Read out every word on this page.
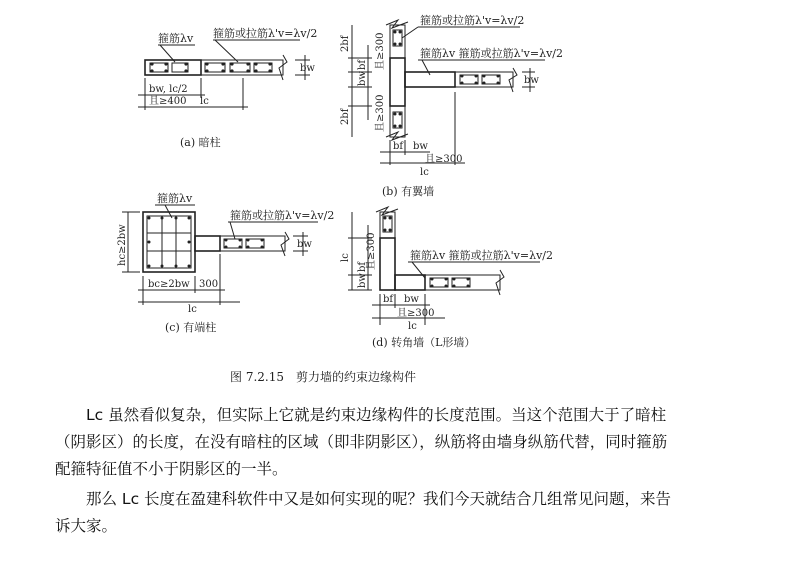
箍筋λv 箍筋或拉筋λ'v=λv/2
bw
bw, lc/2
且≥400 lc
(a) 暗柱
箍筋或拉筋λ'v=λv/2
箍筋λv 箍筋或拉筋λ'v=λv/2
2bf
2bf
bf
bw
且≥300
且≥300
bw
bf bw
且≥300
lc
(b) 有翼墙
箍筋λv
箍筋或拉筋λ'v=λv/2
hc≥2bw	bw
bc≥2bw 300
lc
(c) 有端柱
箍筋λv 箍筋或拉筋λ'v=λv/2
lc 且≥300
bf
bw
bf bw
且≥300
lc
(d) 转角墙（L形墙）
图 7.2.15　剪力墙的约束边缘构件
Lc 虽然看似复杂，但实际上它就是约束边缘构件的长度范围。当这个范围大于了暗柱
（阴影区）的长度，在没有暗柱的区域（即非阴影区），纵筋将由墙身纵筋代替，同时箍筋
配箍特征值不小于阴影区的一半。
那么 Lc 长度在盈建科软件中又是如何实现的呢？我们今天就结合几组常见问题，来告
诉大家。
